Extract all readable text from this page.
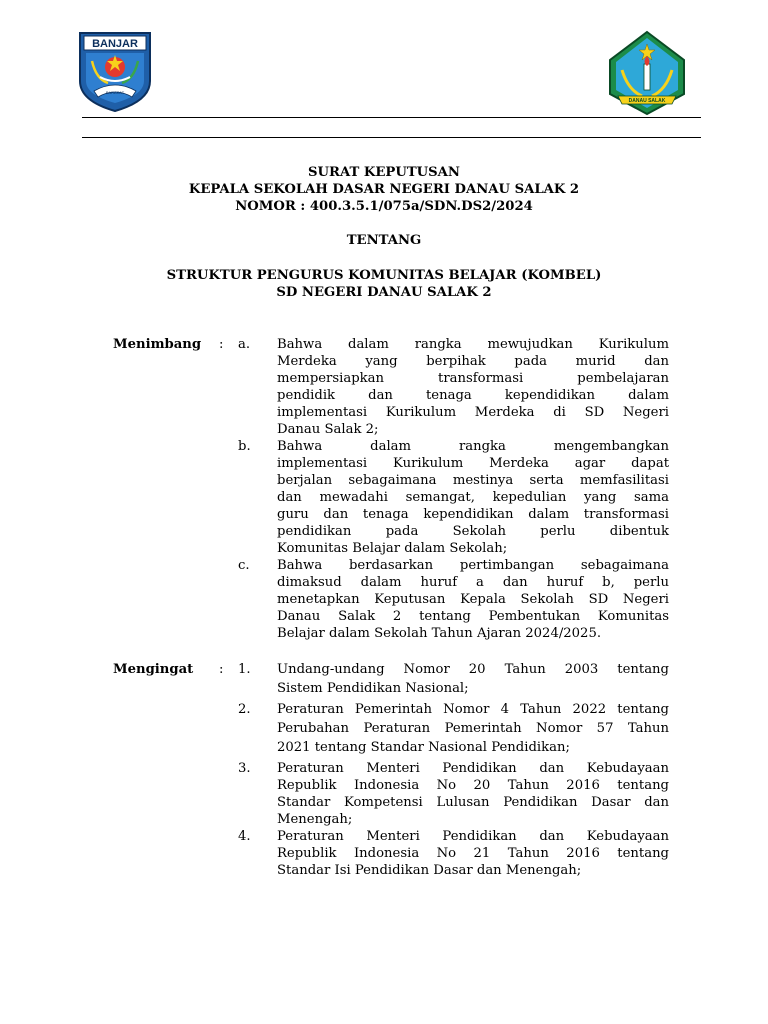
BANJAR
BARAKAT
DANAU SALAK
SURAT KEPUTUSAN
KEPALA SEKOLAH DASAR NEGERI DANAU SALAK 2
NOMOR : 400.3.5.1/075a/SDN.DS2/2024
TENTANG
STRUKTUR PENGURUS KOMUNITAS BELAJAR (KOMBEL)
SD NEGERI DANAU SALAK 2
Menimbang : a. Bahwa dalam rangka mewujudkan Kurikulum
Merdeka yang berpihak pada murid dan
mempersiapkan transformasi pembelajaran
pendidik dan tenaga kependidikan dalam
implementasi Kurikulum Merdeka di SD Negeri
Danau Salak 2;
b. Bahwa dalam rangka mengembangkan
implementasi Kurikulum Merdeka agar dapat
berjalan sebagaimana mestinya serta memfasilitasi
dan mewadahi semangat, kepedulian yang sama
guru dan tenaga kependidikan dalam transformasi
pendidikan pada Sekolah perlu dibentuk
Komunitas Belajar dalam Sekolah;
c. Bahwa berdasarkan pertimbangan sebagaimana
dimaksud dalam huruf a dan huruf b, perlu
menetapkan Keputusan Kepala Sekolah SD Negeri
Danau Salak 2 tentang Pembentukan Komunitas
Belajar dalam Sekolah Tahun Ajaran 2024/2025.
Mengingat : 1. Undang-undang Nomor 20 Tahun 2003 tentang
Sistem Pendidikan Nasional;
2. Peraturan Pemerintah Nomor 4 Tahun 2022 tentang
Perubahan Peraturan Pemerintah Nomor 57 Tahun
2021 tentang Standar Nasional Pendidikan;
3. Peraturan Menteri Pendidikan dan Kebudayaan
Republik Indonesia No 20 Tahun 2016 tentang
Standar Kompetensi Lulusan Pendidikan Dasar dan
Menengah;
4. Peraturan Menteri Pendidikan dan Kebudayaan
Republik Indonesia No 21 Tahun 2016 tentang
Standar Isi Pendidikan Dasar dan Menengah;
